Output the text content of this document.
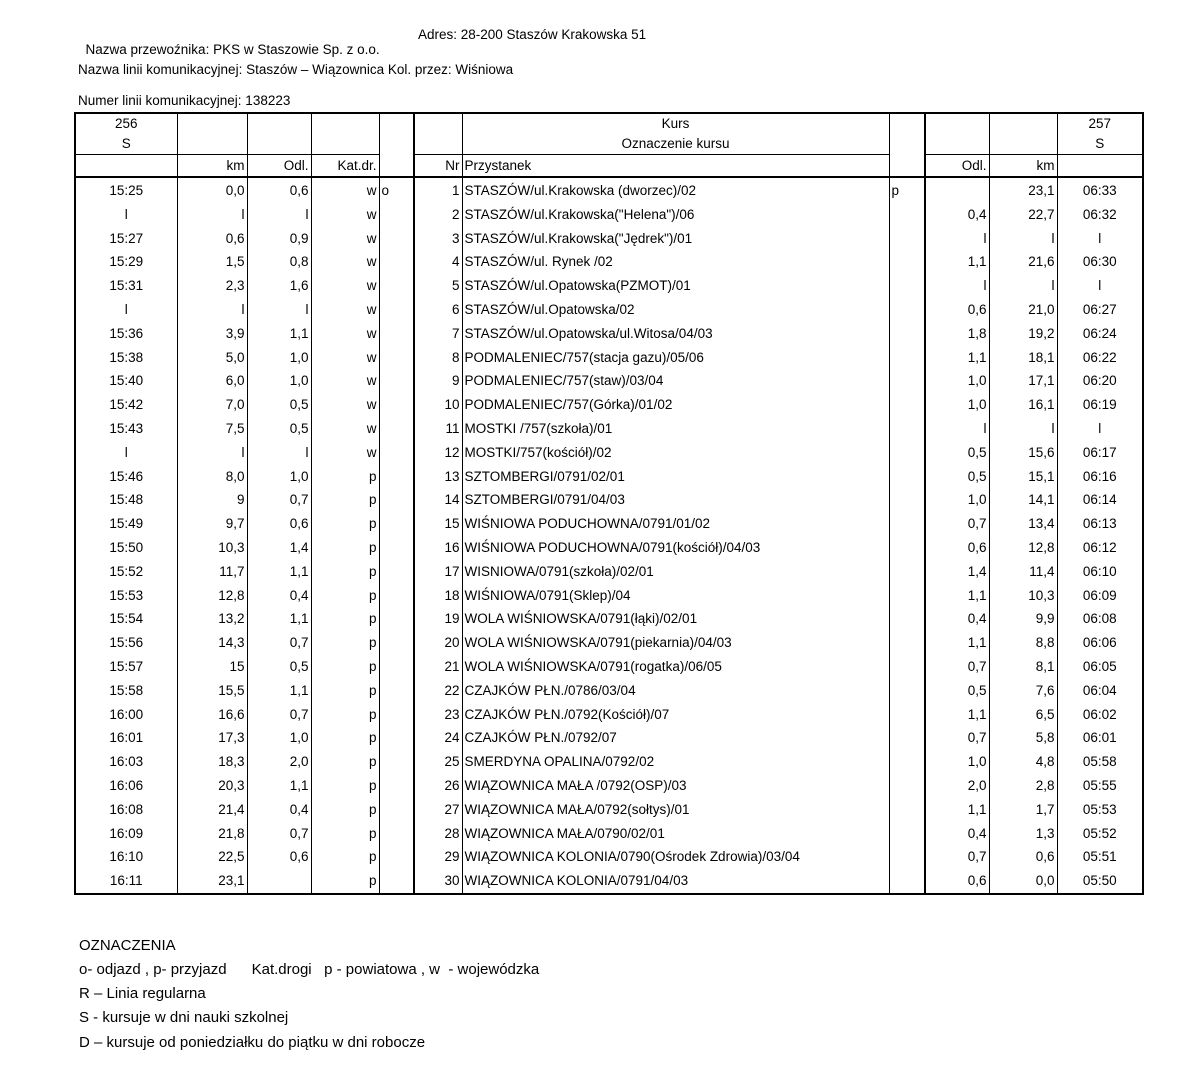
Nazwa przewoźnika: PKS w Staszowie Sp. z o.o.

Adres: 28-200 Staszów Krakowska 51

Nazwa linii komunikacyjnej: Staszów – Wiązownica Kol. przez: Wiśniowa
Numer linii komunikacyjnej: 138223
256						Kurs				257
S						Oznaczenie kursu				S
	km	Odl.	Kat.dr.		Nr	Przystanek		Odl.	km	
15:25	0,0	0,6	w	o	1	STASZÓW/ul.Krakowska (dworzec)/02	p		23,1	06:33
l	l	l	w		2	STASZÓW/ul.Krakowska("Helena")/06		0,4	22,7	06:32
15:27	0,6	0,9	w		3	STASZÓW/ul.Krakowska("Jędrek")/01		l	l	l
15:29	1,5	0,8	w		4	STASZÓW/ul. Rynek /02		1,1	21,6	06:30
15:31	2,3	1,6	w		5	STASZÓW/ul.Opatowska(PZMOT)/01		l	l	l
l	l	l	w		6	STASZÓW/ul.Opatowska/02		0,6	21,0	06:27
15:36	3,9	1,1	w		7	STASZÓW/ul.Opatowska/ul.Witosa/04/03		1,8	19,2	06:24
15:38	5,0	1,0	w		8	PODMALENIEC/757(stacja gazu)/05/06		1,1	18,1	06:22
15:40	6,0	1,0	w		9	PODMALENIEC/757(staw)/03/04		1,0	17,1	06:20
15:42	7,0	0,5	w		10	PODMALENIEC/757(Górka)/01/02		1,0	16,1	06:19
15:43	7,5	0,5	w		11	MOSTKI /757(szkoła)/01		l	l	l
l	l	l	w		12	MOSTKI/757(kościół)/02		0,5	15,6	06:17
15:46	8,0	1,0	p		13	SZTOMBERGI/0791/02/01		0,5	15,1	06:16
15:48	9	0,7	p		14	SZTOMBERGI/0791/04/03		1,0	14,1	06:14
15:49	9,7	0,6	p		15	WIŚNIOWA PODUCHOWNA/0791/01/02		0,7	13,4	06:13
15:50	10,3	1,4	p		16	WIŚNIOWA PODUCHOWNA/0791(kościół)/04/03		0,6	12,8	06:12
15:52	11,7	1,1	p		17	WISNIOWA/0791(szkoła)/02/01		1,4	11,4	06:10
15:53	12,8	0,4	p		18	WIŚNIOWA/0791(Sklep)/04		1,1	10,3	06:09
15:54	13,2	1,1	p		19	WOLA WIŚNIOWSKA/0791(łąki)/02/01		0,4	9,9	06:08
15:56	14,3	0,7	p		20	WOLA WIŚNIOWSKA/0791(piekarnia)/04/03		1,1	8,8	06:06
15:57	15	0,5	p		21	WOLA WIŚNIOWSKA/0791(rogatka)/06/05		0,7	8,1	06:05
15:58	15,5	1,1	p		22	CZAJKÓW PŁN./0786/03/04		0,5	7,6	06:04
16:00	16,6	0,7	p		23	CZAJKÓW PŁN./0792(Kościół)/07		1,1	6,5	06:02
16:01	17,3	1,0	p		24	CZAJKÓW PŁN./0792/07		0,7	5,8	06:01
16:03	18,3	2,0	p		25	SMERDYNA OPALINA/0792/02		1,0	4,8	05:58
16:06	20,3	1,1	p		26	WIĄZOWNICA MAŁA /0792(OSP)/03		2,0	2,8	05:55
16:08	21,4	0,4	p		27	WIĄZOWNICA MAŁA/0792(sołtys)/01		1,1	1,7	05:53
16:09	21,8	0,7	p		28	WIĄZOWNICA MAŁA/0790/02/01		0,4	1,3	05:52
16:10	22,5	0,6	p		29	WIĄZOWNICA KOLONIA/0790(Ośrodek Zdrowia)/03/04		0,7	0,6	05:51
16:11	23,1		p		30	WIĄZOWNICA KOLONIA/0791/04/03		0,6	0,0	05:50
OZNACZENIA
o- odjazd , p- przyjazd Kat.drogi   p - powiatowa , w  - wojewódzka
R – Linia regularna
S - kursuje w dni nauki szkolnej
D – kursuje od poniedziałku do piątku w dni robocze
